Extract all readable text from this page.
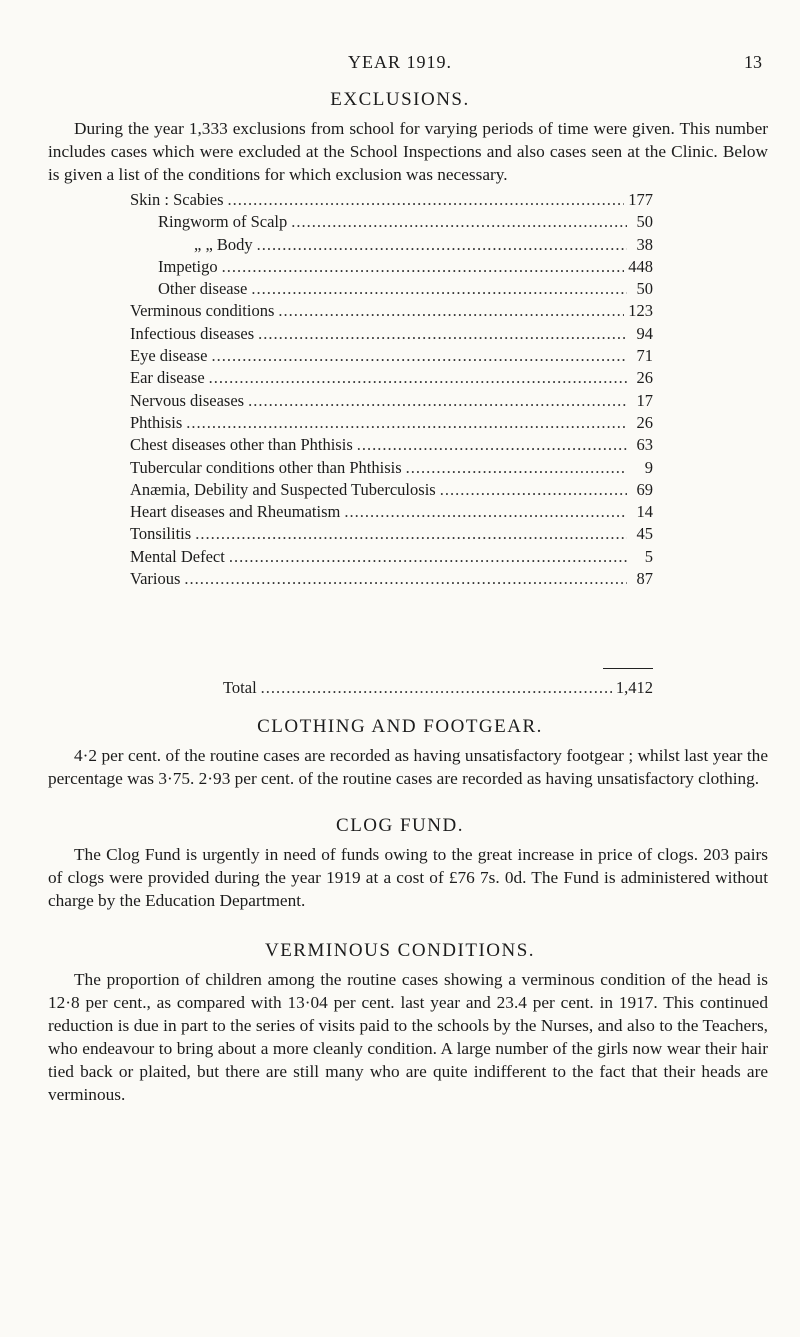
YEAR 1919.	13
EXCLUSIONS.

During the year 1,333 exclusions from school for varying periods of time were given. This number includes cases which were excluded at the School Inspections and also cases seen at the Clinic. Below is given a list of the conditions for which exclusion was necessary.

Skin : Scabies .....	177
Ringworm of Scalp .....	50
„ „ Body .....	38
Impetigo .....	448
Other disease .....	50
Verminous conditions .....	123
Infectious diseases .....	94
Eye disease .....	71
Ear disease .....	26
Nervous diseases .....	17
Phthisis .....	26
Chest diseases other than Phthisis .....	63
Tubercular conditions other than Phthisis .....	9
Anæmia, Debility and Suspected Tuberculosis .....	69
Heart diseases and Rheumatism .....	14
Tonsilitis .....	45
Mental Defect .....	5
Various .....	87
Total .....	1,412
CLOTHING AND FOOTGEAR.

4·2 per cent. of the routine cases are recorded as having unsatisfactory footgear ; whilst last year the percentage was 3·75. 2·93 per cent. of the routine cases are recorded as having unsatisfactory clothing.

CLOG FUND.

The Clog Fund is urgently in need of funds owing to the great increase in price of clogs. 203 pairs of clogs were provided during the year 1919 at a cost of £76 7s. 0d. The Fund is administered without charge by the Education Department.

VERMINOUS CONDITIONS.

The proportion of children among the routine cases showing a verminous condition of the head is 12·8 per cent., as compared with 13·04 per cent. last year and 23.4 per cent. in 1917. This continued reduction is due in part to the series of visits paid to the schools by the Nurses, and also to the Teachers, who endeavour to bring about a more cleanly condition. A large number of the girls now wear their hair tied back or plaited, but there are still many who are quite indifferent to the fact that their heads are verminous.
